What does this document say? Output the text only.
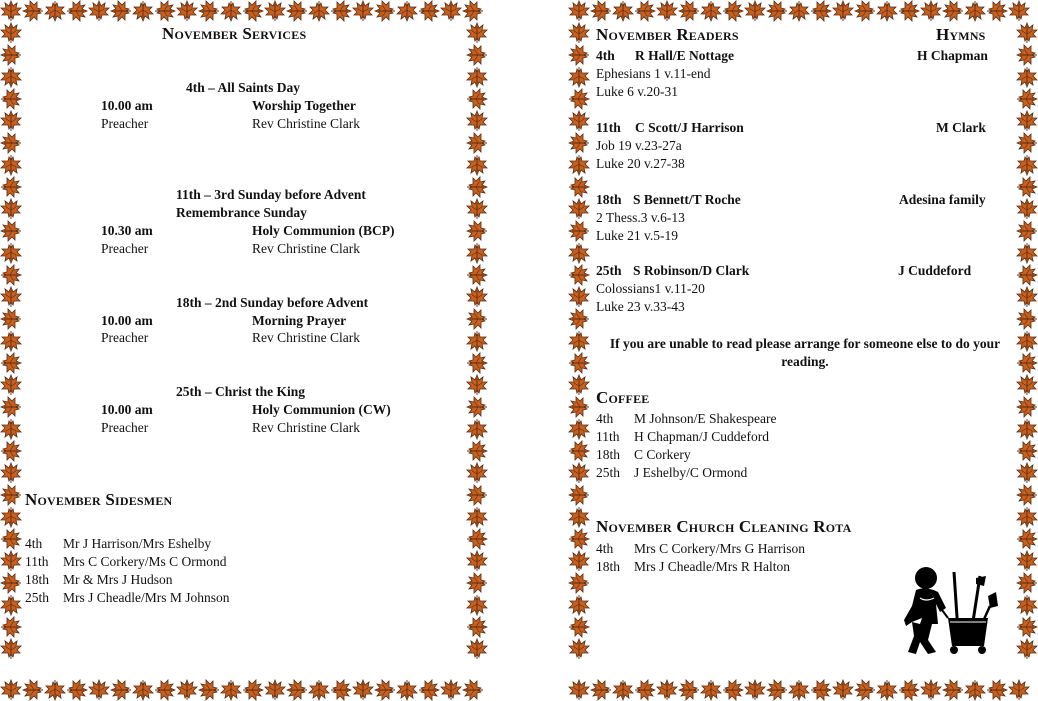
November Services
4th – All Saints Day
10.00 am	Worship Together
Preacher	Rev Christine Clark
11th – 3rd Sunday before Advent
Remembrance Sunday
10.30 am	Holy Communion (BCP)
Preacher	Rev Christine Clark
18th – 2nd Sunday before Advent
10.00 am	Morning Prayer
Preacher	Rev Christine Clark
25th – Christ the King
10.00 am	Holy Communion (CW)
Preacher	Rev Christine Clark
November Sidesmen
4th Mr J Harrison/Mrs Eshelby
11th Mrs C Corkery/Ms C Ormond
18th Mr & Mrs J Hudson
25th Mrs J Cheadle/Mrs M Johnson
November Readers	Hymns
4th R Hall/E Nottage	H Chapman
Ephesians 1 v.11-end
Luke 6 v.20-31
11th C Scott/J Harrison	M Clark
Job 19 v.23-27a
Luke 20 v.27-38
18th S Bennett/T Roche	Adesina family
2 Thess.3 v.6-13
Luke 21 v.5-19
25th S Robinson/D Clark	J Cuddeford
Colossians1 v.11-20
Luke 23 v.33-43
If you are unable to read please arrange for someone else to do your reading.
Coffee
4th M Johnson/E Shakespeare
11th H Chapman/J Cuddeford
18th C Corkery
25th J Eshelby/C Ormond
November Church Cleaning Rota
4th Mrs C Corkery/Mrs G Harrison
18th Mrs J Cheadle/Mrs R Halton
